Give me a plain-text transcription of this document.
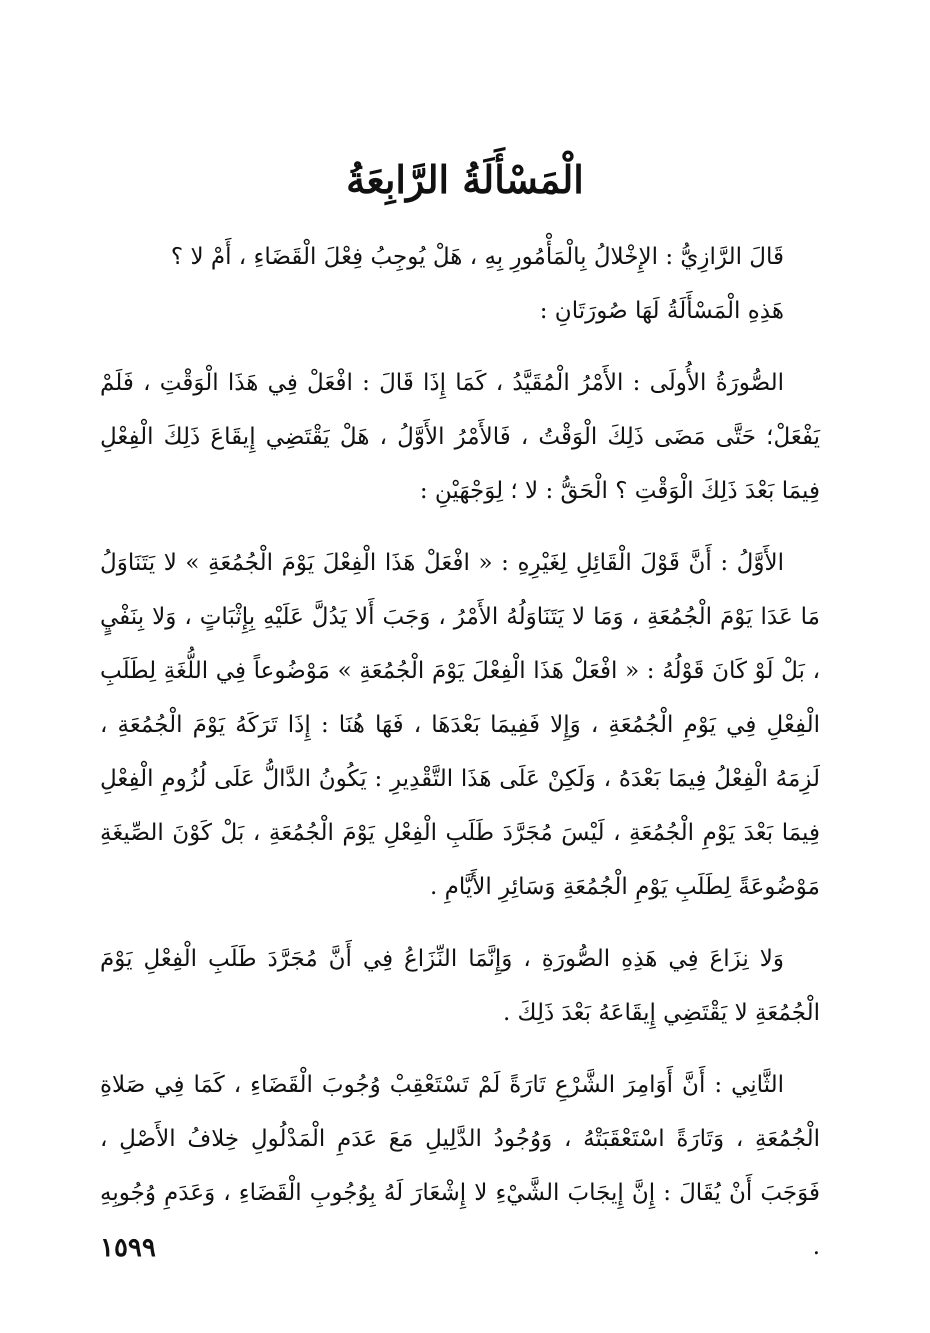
الْمَسْأَلَةُ الرَّابِعَةُ

قَالَ الرَّازِيُّ : الإِخْلالُ بِالْمَأْمُورِ بِهِ ، هَلْ يُوجِبُ فِعْلَ الْقَضَاءِ ، أَمْ لا ؟

هَذِهِ الْمَسْأَلَةُ لَهَا صُورَتَانِ :

الصُّورَةُ الأُولَى : الأَمْرُ الْمُقَيَّدُ ، كَمَا إِذَا قَالَ : افْعَلْ فِي هَذَا الْوَقْتِ ، فَلَمْ يَفْعَلْ؛ حَتَّى مَضَى ذَلِكَ الْوَقْتُ ، فَالأَمْرُ الأَوَّلُ ، هَلْ يَقْتَضِي إِيقَاعَ ذَلِكَ الْفِعْلِ فِيمَا بَعْدَ ذَلِكَ الْوَقْتِ ؟ الْحَقُّ : لا ؛ لِوَجْهَيْنِ :

الأَوَّلُ : أَنَّ قَوْلَ الْقَائِلِ لِغَيْرِهِ : « افْعَلْ هَذَا الْفِعْلَ يَوْمَ الْجُمُعَةِ » لا يَتَنَاوَلُ مَا عَدَا يَوْمَ الْجُمُعَةِ ، وَمَا لا يَتَنَاوَلُهُ الأَمْرُ ، وَجَبَ أَلا يَدُلَّ عَلَيْهِ بِإِثْبَاتٍ ، وَلا بِنَفْيٍ ، بَلْ لَوْ كَانَ قَوْلُهُ : « افْعَلْ هَذَا الْفِعْلَ يَوْمَ الْجُمُعَةِ » مَوْضُوعاً فِي اللُّغَةِ لِطَلَبِ الْفِعْلِ فِي يَوْمِ الْجُمُعَةِ ، وَإِلا فَفِيمَا بَعْدَهَا ، فَهَا هُنَا : إِذَا تَرَكَهُ يَوْمَ الْجُمُعَةِ ، لَزِمَهُ الْفِعْلُ فِيمَا بَعْدَهُ ، وَلَكِنْ عَلَى هَذَا التَّقْدِيرِ : يَكُونُ الدَّالُّ عَلَى لُزُومِ الْفِعْلِ فِيمَا بَعْدَ يَوْمِ الْجُمُعَةِ ، لَيْسَ مُجَرَّدَ طَلَبِ الْفِعْلِ يَوْمَ الْجُمُعَةِ ، بَلْ كَوْنَ الصِّيغَةِ مَوْضُوعَةً لِطَلَبِ يَوْمِ الْجُمُعَةِ وَسَائِرِ الأَيَّامِ .

وَلا نِزَاعَ فِي هَذِهِ الصُّورَةِ ، وَإِنَّمَا النِّزَاعُ فِي أَنَّ مُجَرَّدَ طَلَبِ الْفِعْلِ يَوْمَ الْجُمُعَةِ لا يَقْتَضِي إِيقَاعَهُ بَعْدَ ذَلِكَ .

الثَّانِي : أَنَّ أَوَامِرَ الشَّرْعِ تَارَةً لَمْ تَسْتَعْقِبْ وُجُوبَ الْقَضَاءِ ، كَمَا فِي صَلاةِ الْجُمُعَةِ ، وَتَارَةً اسْتَعْقَبَتْهُ ، وَوُجُودُ الدَّلِيلِ مَعَ عَدَمِ الْمَدْلُولِ خِلافُ الأَصْلِ ، فَوَجَبَ أَنْ يُقَالَ : إِنَّ إِيجَابَ الشَّيْءِ لا إِشْعَارَ لَهُ بِوُجُوبِ الْقَضَاءِ ، وَعَدَمِ وُجُوبِهِ .

١٥٩٩
